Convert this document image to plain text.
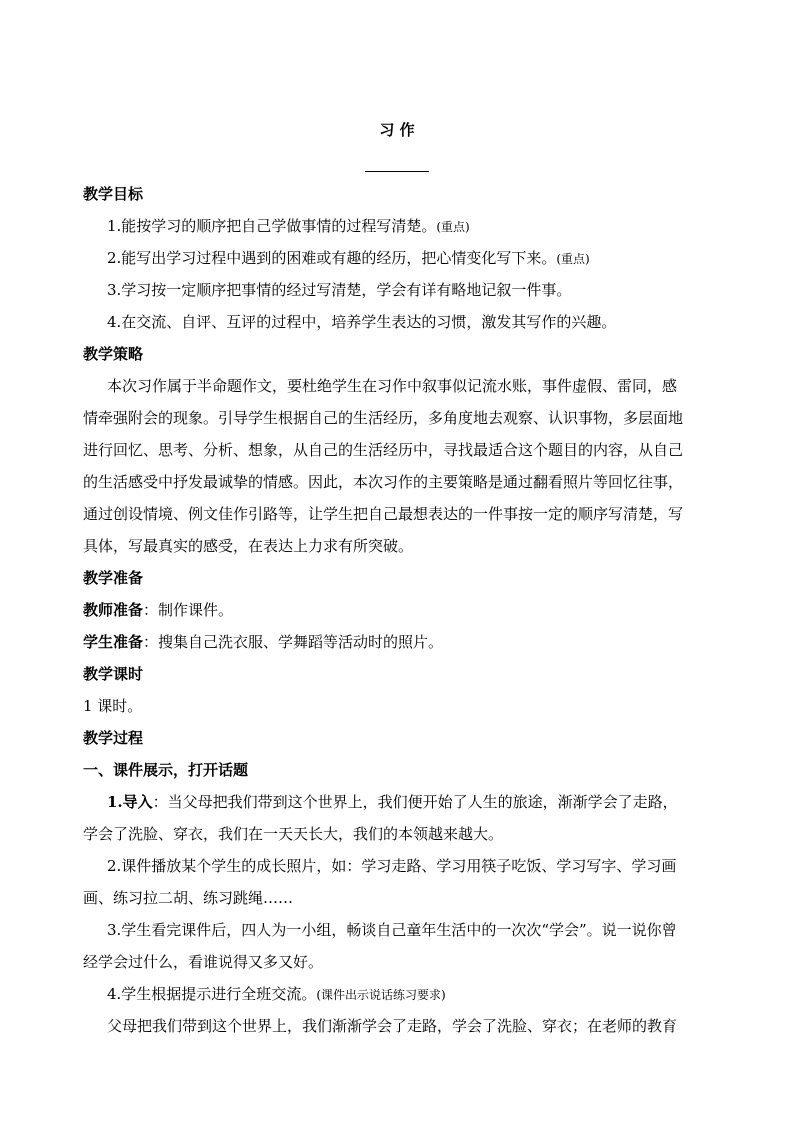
习 作
教学目标
1.能按学习的顺序把自己学做事情的过程写清楚。(重点)
2.能写出学习过程中遇到的困难或有趣的经历，把心情变化写下来。(重点)
3.学习按一定顺序把事情的经过写清楚，学会有详有略地记叙一件事。
4.在交流、自评、互评的过程中，培养学生表达的习惯，激发其写作的兴趣。
教学策略
本次习作属于半命题作文，要杜绝学生在习作中叙事似记流水账，事件虚假、雷同，感
情牵强附会的现象。引导学生根据自己的生活经历，多角度地去观察、认识事物，多层面地
进行回忆、思考、分析、想象，从自己的生活经历中，寻找最适合这个题目的内容，从自己
的生活感受中抒发最诚挚的情感。因此，本次习作的主要策略是通过翻看照片等回忆往事，
通过创设情境、例文佳作引路等，让学生把自己最想表达的一件事按一定的顺序写清楚，写
具体，写最真实的感受，在表达上力求有所突破。
教学准备
教师准备：制作课件。
学生准备：搜集自己洗衣服、学舞蹈等活动时的照片。
教学课时
1 课时。
教学过程
一、课件展示，打开话题
1.导入：当父母把我们带到这个世界上，我们便开始了人生的旅途，渐渐学会了走路，
学会了洗脸、穿衣，我们在一天天长大，我们的本领越来越大。
2.课件播放某个学生的成长照片，如：学习走路、学习用筷子吃饭、学习写字、学习画
画、练习拉二胡、练习跳绳……
3.学生看完课件后，四人为一小组，畅谈自己童年生活中的一次次“学会”。说一说你曾
经学会过什么，看谁说得又多又好。
4.学生根据提示进行全班交流。(课件出示说话练习要求)
父母把我们带到这个世界上，我们渐渐学会了走路，学会了洗脸、穿衣；在老师的教育
